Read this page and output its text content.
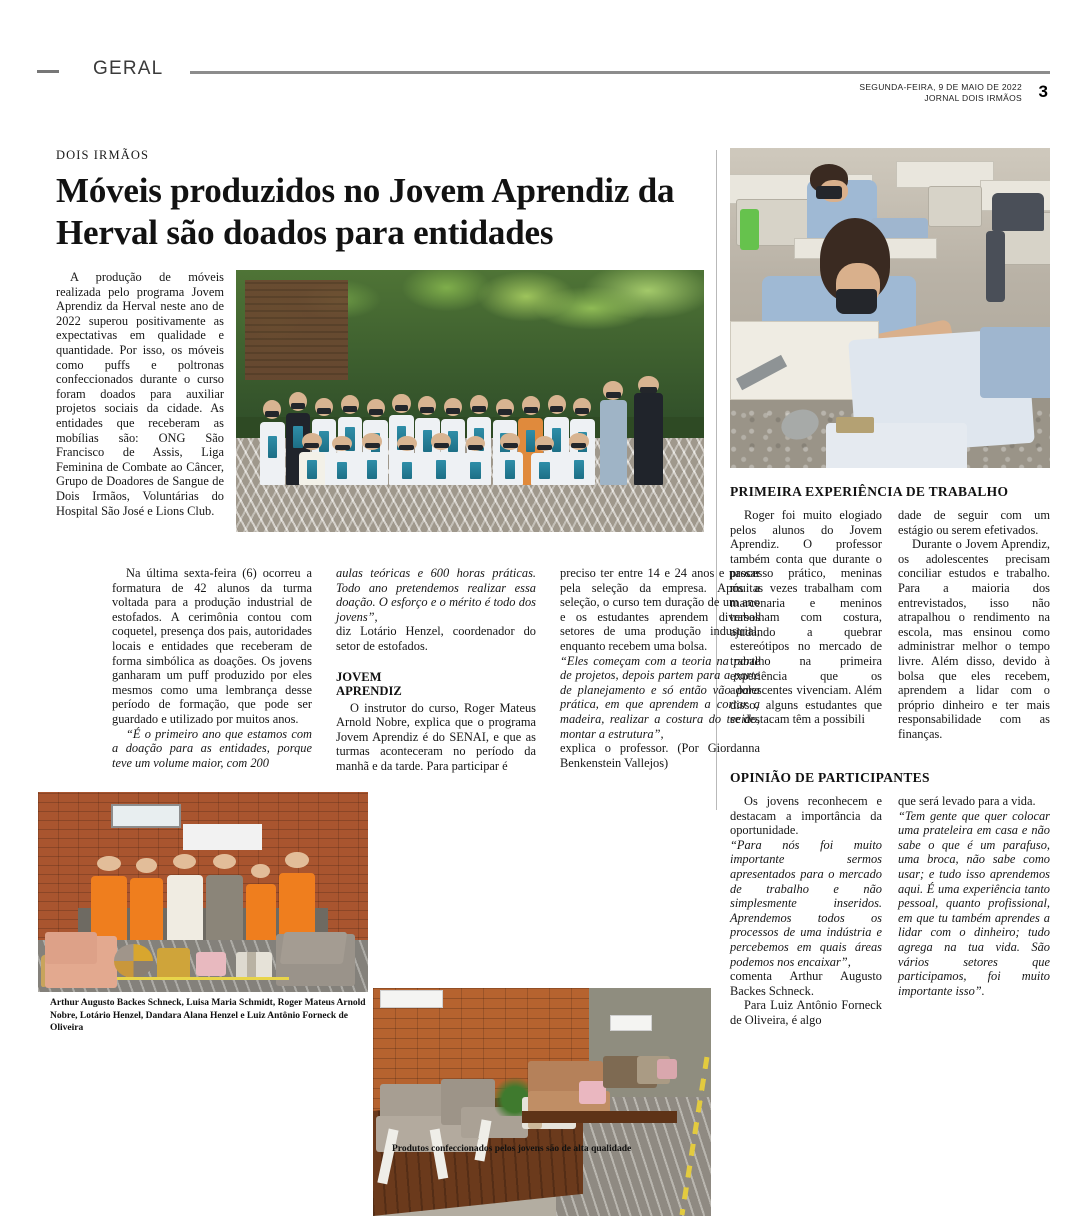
GERAL
SEGUNDA-FEIRA, 9 DE MAIO DE 2022
JORNAL DOIS IRMÃOS 3
DOIS IRMÃOS
Móveis produzidos no Jovem Aprendiz da Herval são doados para entidades

A produção de móveis realizada pelo programa Jovem Aprendiz da Herval neste ano de 2022 superou positivamente as expectativas em qualidade e quantidade. Por isso, os móveis como puffs e poltronas confeccionados durante o curso foram doados para auxiliar projetos sociais da cidade. As entidades que receberam as mobílias são: ONG São Francisco de Assis, Liga Feminina de Combate ao Câncer, Grupo de Doadores de Sangue de Dois Irmãos, Voluntárias do Hospital São José e Lions Club.

Na última sexta-feira (6) ocorreu a formatura de 42 alunos da turma voltada para a produção industrial de estofados. A cerimônia contou com coquetel, presença dos pais, autoridades locais e entidades que receberam de forma simbólica as doações. Os jovens ganharam um puff produzido por eles mesmos como uma lembrança desse período de formação, que pode ser guardado e utilizado por muitos anos.

“É o primeiro ano que estamos com a doação para as entidades, porque teve um volume maior, com 200

aulas teóricas e 600 horas práticas. Todo ano pretendemos realizar essa doação. O esforço e o mérito é todo dos jovens”,

diz Lotário Henzel, coordenador do setor de estofados.

JOVEM
APRENDIZ

O instrutor do curso, Roger Mateus Arnold Nobre, explica que o programa Jovem Aprendiz é do SENAI, e que as turmas aconteceram no período da manhã e da tarde. Para participar é

preciso ter entre 14 e 24 anos e passar pela seleção da empresa. Após a seleção, o curso tem duração de um ano e os estudantes aprendem diversos setores de uma produção industrial, enquanto recebem uma bolsa.

“Eles começam com a teoria na parte de projetos, depois partem para a parte de planejamento e só então vão para prática, em que aprendem a cortar a madeira, realizar a costura do tecido, montar a estrutura”,

explica o professor. (Por Giordanna Benkenstein Vallejos)

PRIMEIRA EXPERIÊNCIA DE TRABALHO

Roger foi muito elogiado pelos alunos do Jovem Aprendiz. O professor também conta que durante o processo prático, meninas muitas vezes trabalham com marcenaria e meninos trabalham com costura, ajudando a quebrar estereótipos no mercado de trabalho na primeira experiência que os adolescentes vivenciam. Além disso, alguns estudantes que se destacam têm a possibili

dade de seguir com um estágio ou serem efetivados.

Durante o Jovem Aprendiz, os adolescentes precisam conciliar estudos e trabalho. Para a maioria dos entrevistados, isso não atrapalhou o rendimento na escola, mas ensinou como administrar melhor o tempo livre. Além disso, devido à bolsa que eles recebem, aprendem a lidar com o próprio dinheiro e ter mais responsabilidade com as finanças.

OPINIÃO DE PARTICIPANTES

Os jovens reconhecem e destacam a importância da oportunidade.

“Para nós foi muito importante sermos apresentados para o mercado de trabalho e não simplesmente inseridos. Aprendemos todos os processos de uma indústria e percebemos em quais áreas podemos nos encaixar”,

comenta Arthur Augusto Backes Schneck.

Para Luiz Antônio Forneck de Oliveira, é algo

que será levado para a vida.

“Tem gente que quer colocar uma prateleira em casa e não sabe o que é um parafuso, uma broca, não sabe como usar; e tudo isso aprendemos aqui. É uma experiência tanto pessoal, quanto profissional, em que tu também aprendes a lidar com o dinheiro; tudo agrega na tua vida. São vários setores que participamos, foi muito importante isso”.

Arthur Augusto Backes Schneck, Luisa Maria Schmidt, Roger Mateus Arnold Nobre, Lotário Henzel, Dandara Alana Henzel e Luiz Antônio Forneck de Oliveira
Produtos confeccionados pelos jovens são de alta qualidade
